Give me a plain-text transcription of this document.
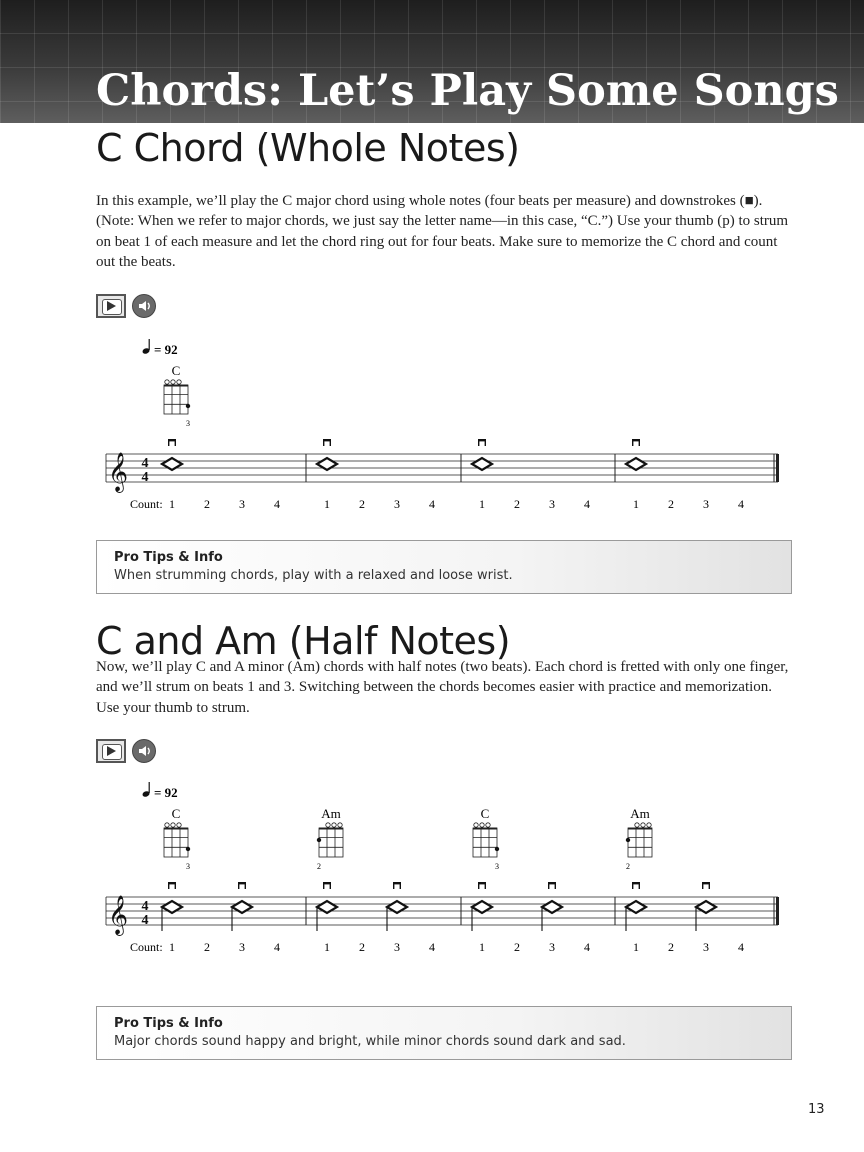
Chords: Let’s Play Some Songs
C Chord (Whole Notes)
In this example, we’ll play the C major chord using whole notes (four beats per measure) and downstrokes (■).
(Note: When we refer to major chords, we just say the letter name—in this case, “C.”) Use your thumb (p) to strum
on beat 1 of each measure and let the chord ring out for four beats. Make sure to memorize the C chord and count
out the beats.
= 92
C
3
𝄞 4
4
Count: 1 2 3 4	1 2 3 4	1 2 3 4	1 2 3 4

Pro Tips & Info

When strumming chords, play with a relaxed and loose wrist.

C and Am (Half Notes)
Now, we’ll play C and A minor (Am) chords with half notes (two beats). Each chord is fretted with only one finger,
and we’ll strum on beats 1 and 3. Switching between the chords becomes easier with practice and memorization.
Use your thumb to strum.
= 92
C
3
Am
2
C
3
Am
2
𝄞 4
4
Count: 1 2 3 4	1 2 3 4	1 2 3 4	1 2 3 4

Pro Tips & Info

Major chords sound happy and bright, while minor chords sound dark and sad.

13
